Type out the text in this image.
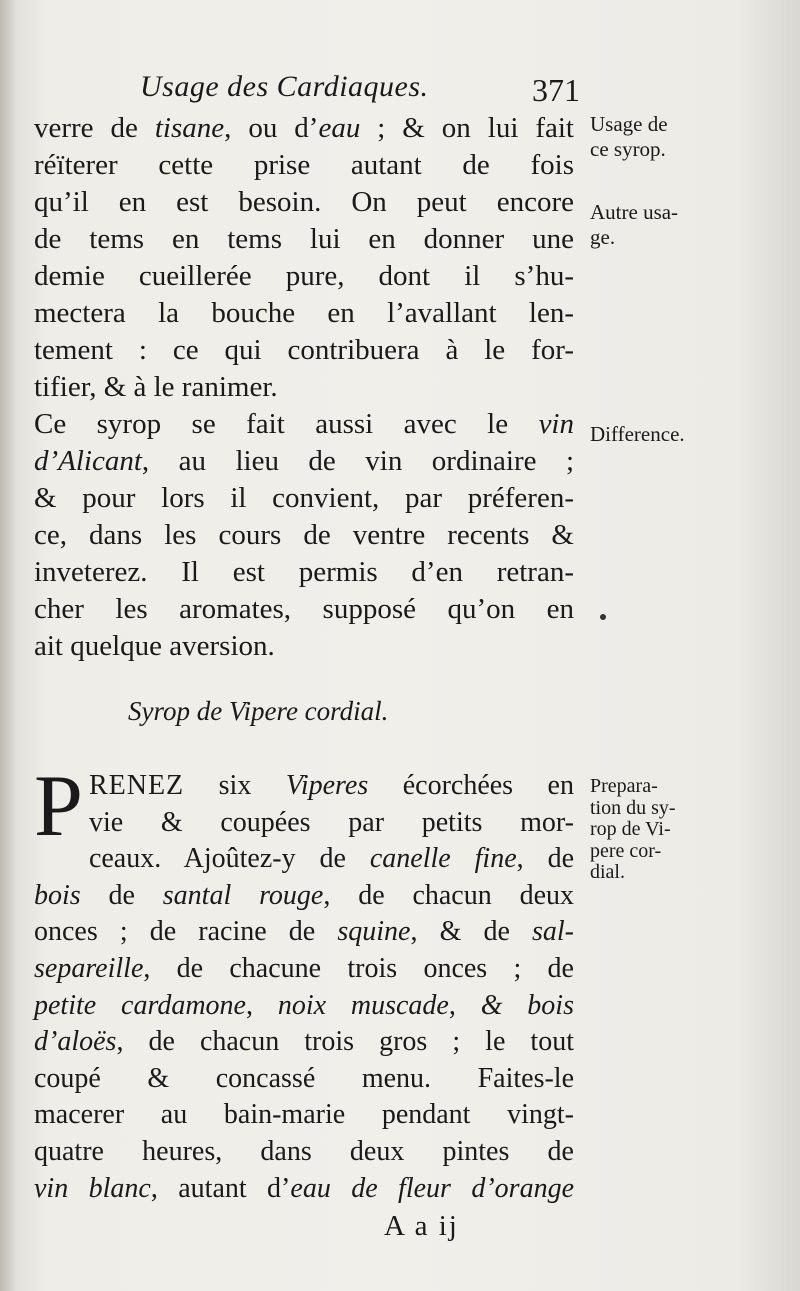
Usage des Cardiaques.	371
verre de tisane, ou d’eau ; & on lui fait
réïterer cette prise autant de fois
qu’il en est besoin. On peut encore
de tems en tems lui en donner une
demie cueillerée pure, dont il s’hu-
mectera la bouche en l’avallant len-
tement : ce qui contribuera à le for-
tifier, & à le ranimer.
Ce syrop se fait aussi avec le vin
d’Alicant, au lieu de vin ordinaire ;
& pour lors il convient, par préferen-
ce, dans les cours de ventre recents &
inveterez. Il est permis d’en retran-
cher les aromates, supposé qu’on en
ait quelque aversion.
Syrop de Vipere cordial.
P RENEZ six Viperes écorchées en
vie & coupées par petits mor-
ceaux. Ajoûtez-y de canelle fine, de
bois de santal rouge, de chacun deux
onces ; de racine de squine, & de sal-
separeille, de chacune trois onces ; de
petite cardamone, noix muscade, & bois
d’aloës, de chacun trois gros ; le tout
coupé & concassé menu. Faites-le
macerer au bain-marie pendant vingt-
quatre heures, dans deux pintes de
vin blanc, autant d’eau de fleur d’orange
Usage de
ce syrop.
Autre usa-
ge.
Difference.
Prepara-
tion du sy-
rop de Vi-
pere cor-
dial.
A a ij
